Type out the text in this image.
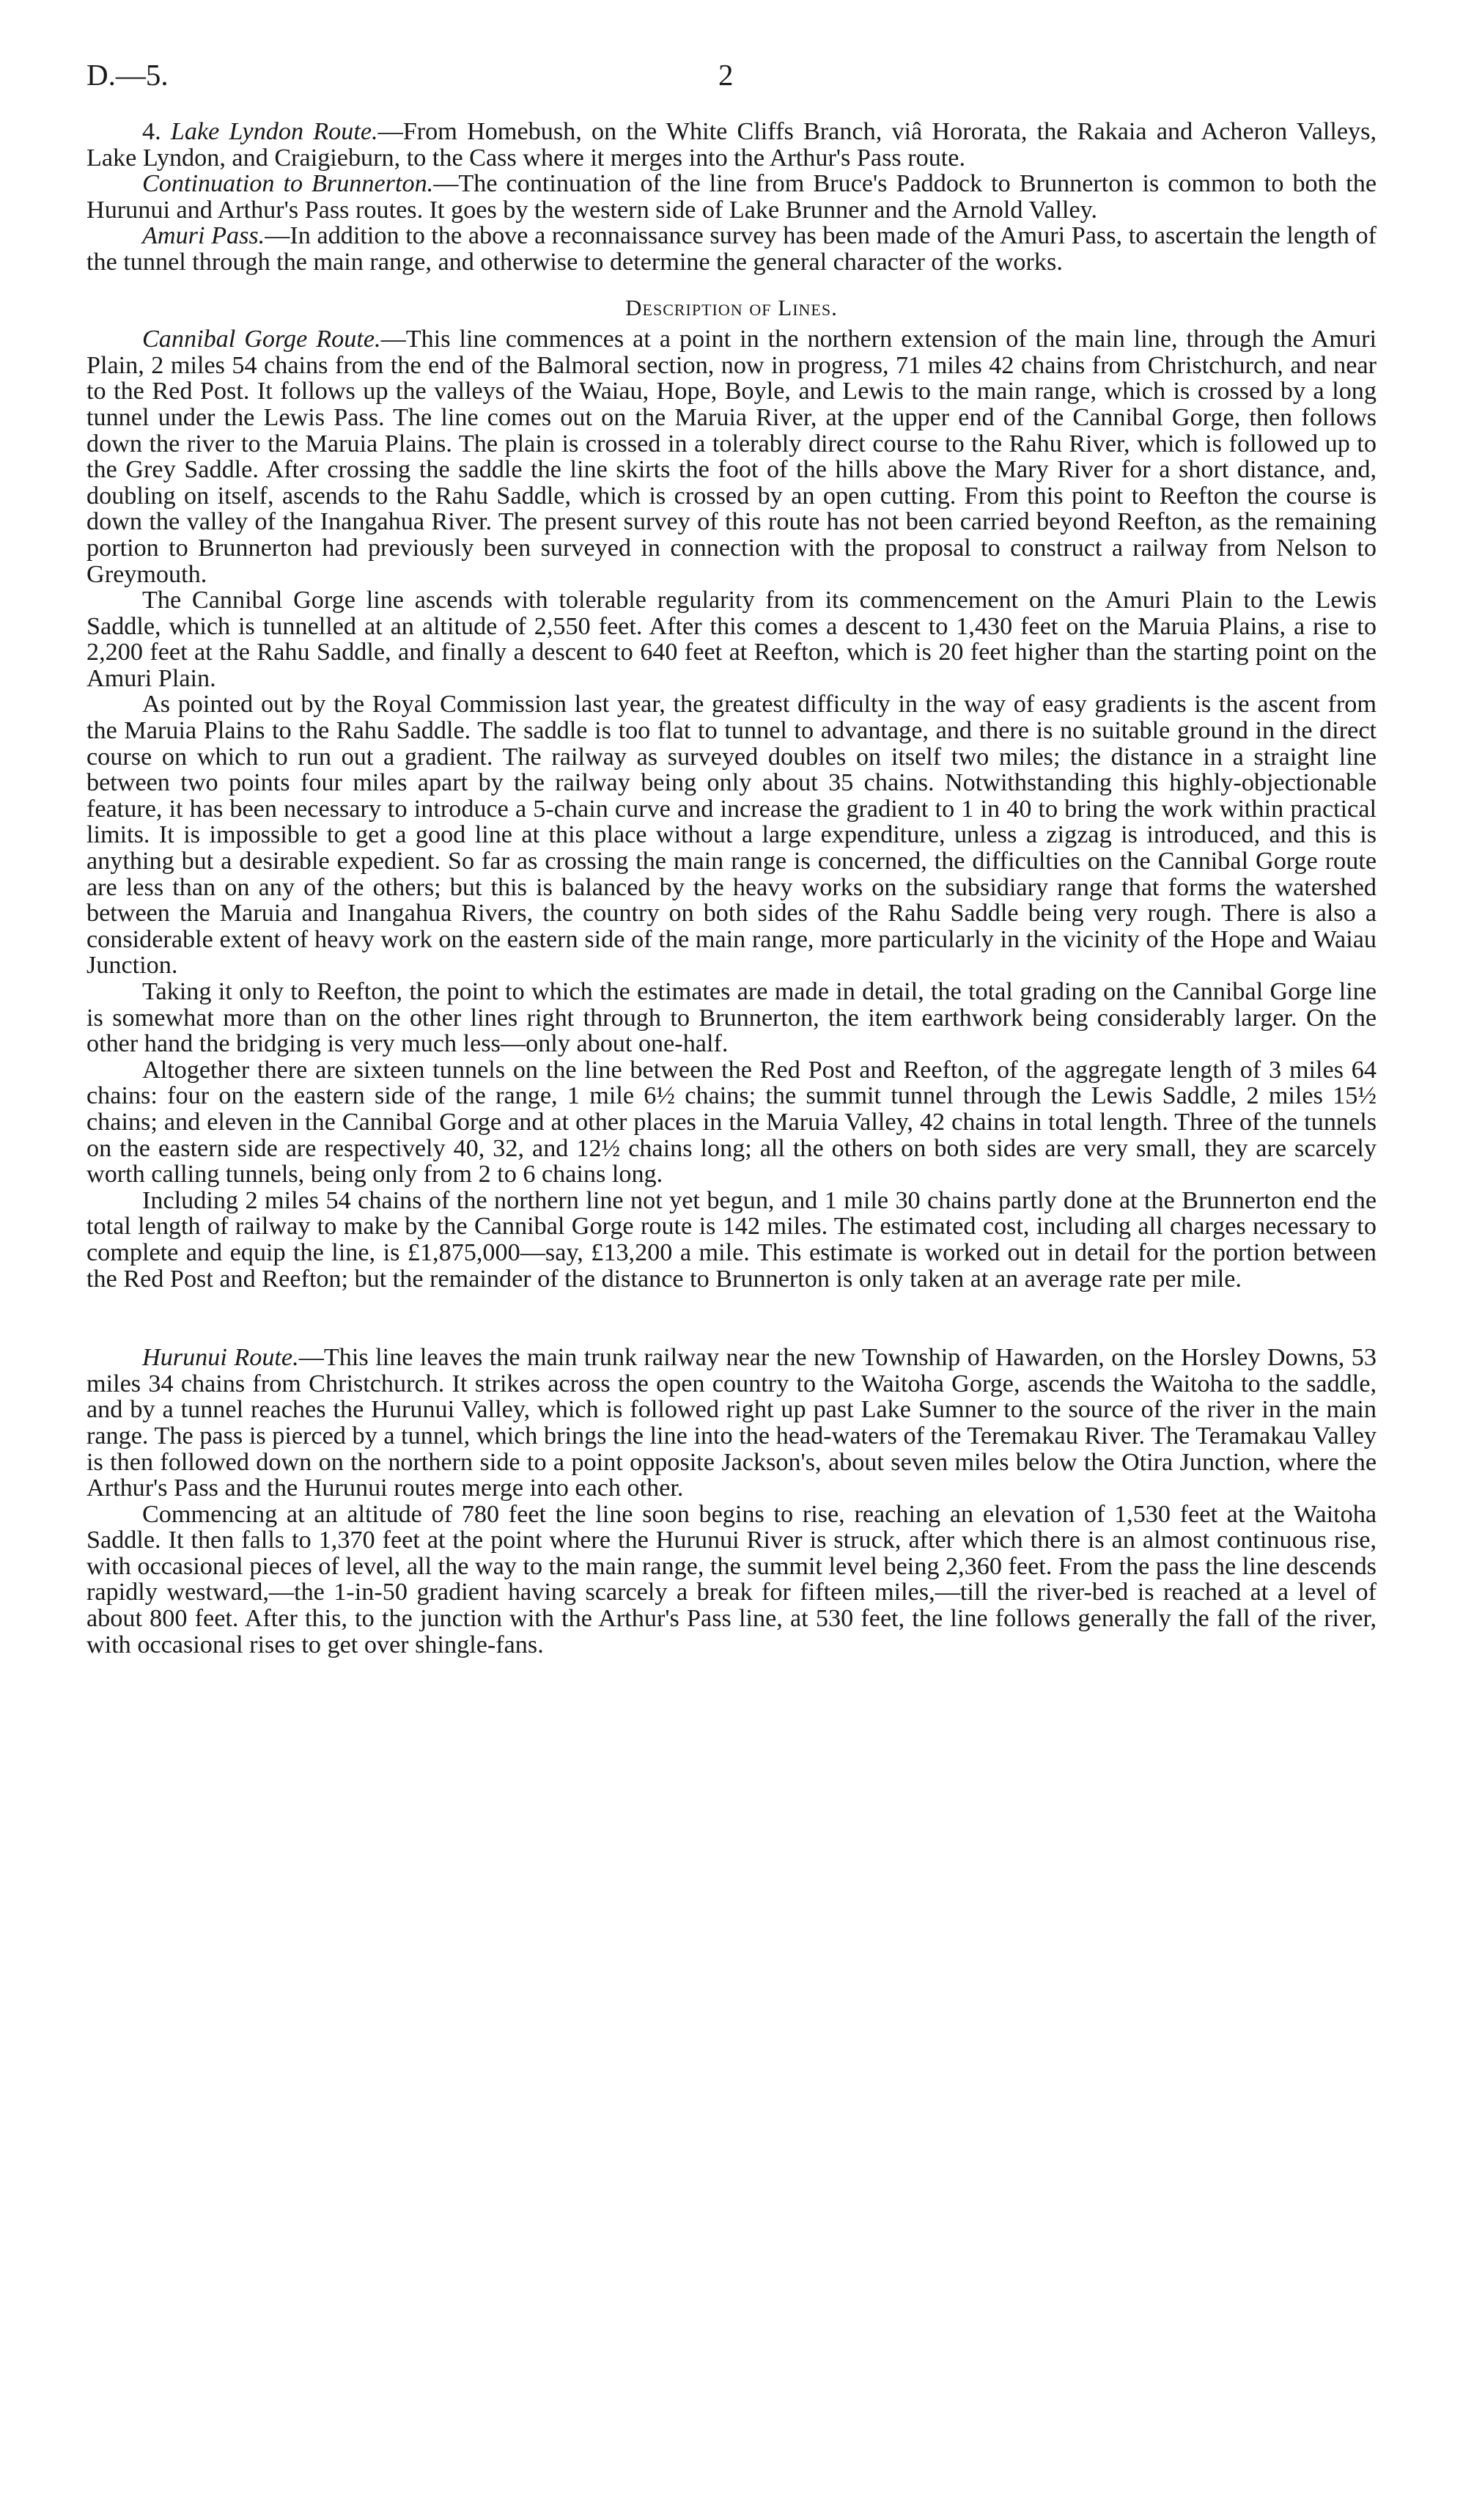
D.—5.	2

4. Lake Lyndon Route.—From Homebush, on the White Cliffs Branch, viâ Hororata, the Rakaia and Acheron Valleys, Lake Lyndon, and Craigieburn, to the Cass where it merges into the Arthur's Pass route.

Continuation to Brunnerton.—The continuation of the line from Bruce's Paddock to Brunnerton is common to both the Hurunui and Arthur's Pass routes. It goes by the western side of Lake Brunner and the Arnold Valley.

Amuri Pass.—In addition to the above a reconnaissance survey has been made of the Amuri Pass, to ascertain the length of the tunnel through the main range, and otherwise to determine the general character of the works.

Description of Lines.

Cannibal Gorge Route.—This line commences at a point in the northern extension of the main line, through the Amuri Plain, 2 miles 54 chains from the end of the Balmoral section, now in progress, 71 miles 42 chains from Christchurch, and near to the Red Post. It follows up the valleys of the Waiau, Hope, Boyle, and Lewis to the main range, which is crossed by a long tunnel under the Lewis Pass. The line comes out on the Maruia River, at the upper end of the Cannibal Gorge, then follows down the river to the Maruia Plains. The plain is crossed in a tolerably direct course to the Rahu River, which is followed up to the Grey Saddle. After crossing the saddle the line skirts the foot of the hills above the Mary River for a short distance, and, doubling on itself, ascends to the Rahu Saddle, which is crossed by an open cutting. From this point to Reefton the course is down the valley of the Inangahua River. The present survey of this route has not been carried beyond Reefton, as the remaining portion to Brunnerton had previously been surveyed in connection with the proposal to construct a railway from Nelson to Greymouth.

The Cannibal Gorge line ascends with tolerable regularity from its commencement on the Amuri Plain to the Lewis Saddle, which is tunnelled at an altitude of 2,550 feet. After this comes a descent to 1,430 feet on the Maruia Plains, a rise to 2,200 feet at the Rahu Saddle, and finally a descent to 640 feet at Reefton, which is 20 feet higher than the starting point on the Amuri Plain.

As pointed out by the Royal Commission last year, the greatest difficulty in the way of easy gradients is the ascent from the Maruia Plains to the Rahu Saddle. The saddle is too flat to tunnel to advantage, and there is no suitable ground in the direct course on which to run out a gradient. The railway as surveyed doubles on itself two miles; the distance in a straight line between two points four miles apart by the railway being only about 35 chains. Notwithstanding this highly-objectionable feature, it has been necessary to introduce a 5-chain curve and increase the gradient to 1 in 40 to bring the work within practical limits. It is impossible to get a good line at this place without a large expenditure, unless a zigzag is introduced, and this is anything but a desirable expedient. So far as crossing the main range is concerned, the difficulties on the Cannibal Gorge route are less than on any of the others; but this is balanced by the heavy works on the subsidiary range that forms the watershed between the Maruia and Inangahua Rivers, the country on both sides of the Rahu Saddle being very rough. There is also a considerable extent of heavy work on the eastern side of the main range, more particularly in the vicinity of the Hope and Waiau Junction.

Taking it only to Reefton, the point to which the estimates are made in detail, the total grading on the Cannibal Gorge line is somewhat more than on the other lines right through to Brunnerton, the item earthwork being considerably larger. On the other hand the bridging is very much less—only about one-half.

Altogether there are sixteen tunnels on the line between the Red Post and Reefton, of the aggregate length of 3 miles 64 chains: four on the eastern side of the range, 1 mile 6½ chains; the summit tunnel through the Lewis Saddle, 2 miles 15½ chains; and eleven in the Cannibal Gorge and at other places in the Maruia Valley, 42 chains in total length. Three of the tunnels on the eastern side are respectively 40, 32, and 12½ chains long; all the others on both sides are very small, they are scarcely worth calling tunnels, being only from 2 to 6 chains long.

Including 2 miles 54 chains of the northern line not yet begun, and 1 mile 30 chains partly done at the Brunnerton end the total length of railway to make by the Cannibal Gorge route is 142 miles. The estimated cost, including all charges necessary to complete and equip the line, is £1,875,000—say, £13,200 a mile. This estimate is worked out in detail for the portion between the Red Post and Reefton; but the remainder of the distance to Brunnerton is only taken at an average rate per mile.

Hurunui Route.—This line leaves the main trunk railway near the new Township of Hawarden, on the Horsley Downs, 53 miles 34 chains from Christchurch. It strikes across the open country to the Waitoha Gorge, ascends the Waitoha to the saddle, and by a tunnel reaches the Hurunui Valley, which is followed right up past Lake Sumner to the source of the river in the main range. The pass is pierced by a tunnel, which brings the line into the head-waters of the Teremakau River. The Teramakau Valley is then followed down on the northern side to a point opposite Jackson's, about seven miles below the Otira Junction, where the Arthur's Pass and the Hurunui routes merge into each other.

Commencing at an altitude of 780 feet the line soon begins to rise, reaching an elevation of 1,530 feet at the Waitoha Saddle. It then falls to 1,370 feet at the point where the Hurunui River is struck, after which there is an almost continuous rise, with occasional pieces of level, all the way to the main range, the summit level being 2,360 feet. From the pass the line descends rapidly westward,—the 1-in-50 gradient having scarcely a break for fifteen miles,—till the river-bed is reached at a level of about 800 feet. After this, to the junction with the Arthur's Pass line, at 530 feet, the line follows generally the fall of the river, with occasional rises to get over shingle-fans.
